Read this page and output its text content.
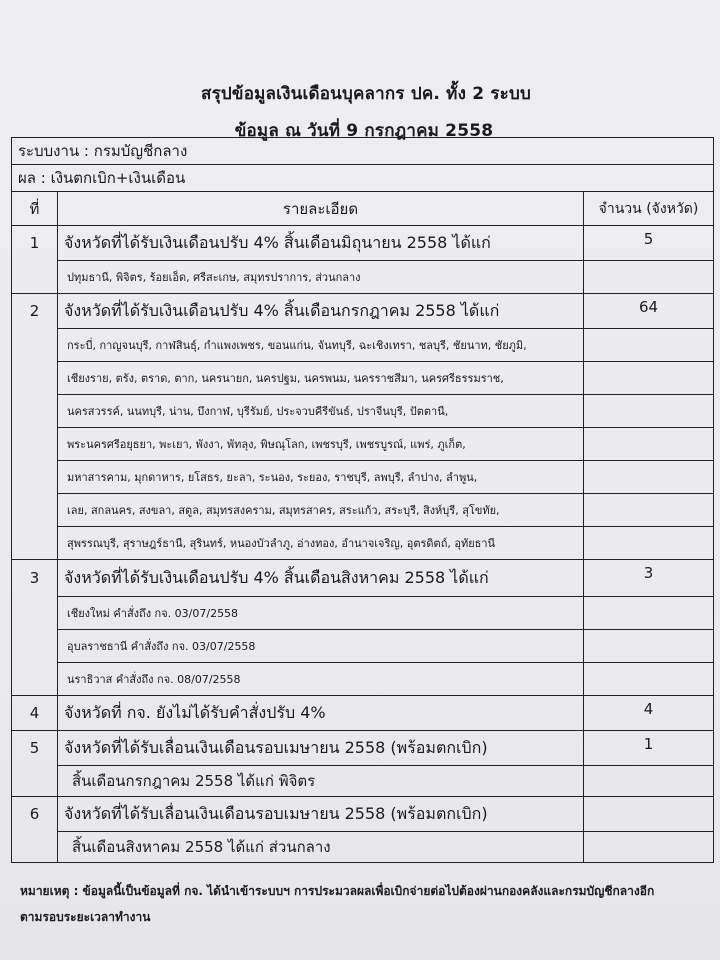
สรุปข้อมูลเงินเดือนบุคลากร ปค. ทั้ง 2 ระบบ
ข้อมูล ณ วันที่ 9 กรกฎาคม 2558
ระบบงาน : กรมบัญชีกลาง		
ผล : เงินตกเบิก+เงินเดือน		
ที่	รายละเอียด	จำนวน (จังหวัด)
1	จังหวัดที่ได้รับเงินเดือนปรับ 4% สิ้นเดือนมิถุนายน 2558 ได้แก่	5
	ปทุมธานี, พิจิตร, ร้อยเอ็ด, ศรีสะเกษ, สมุทรปราการ, ส่วนกลาง	
2	จังหวัดที่ได้รับเงินเดือนปรับ 4% สิ้นเดือนกรกฎาคม 2558 ได้แก่	64
	กระบี่, กาญจนบุรี, กาฬสินธุ์, กำแพงเพชร, ขอนแก่น, จันทบุรี, ฉะเชิงเทรา, ชลบุรี, ชัยนาท, ชัยภูมิ,	
	เชียงราย, ตรัง, ตราด, ตาก, นครนายก, นครปฐม, นครพนม, นครราชสีมา, นครศรีธรรมราช,	
	นครสวรรค์, นนทบุรี, น่าน, บึงกาฬ, บุรีรัมย์, ประจวบคีรีขันธ์, ปราจีนบุรี, ปัตตานี,	
	พระนครศรีอยุธยา, พะเยา, พังงา, พัทลุง, พิษณุโลก, เพชรบุรี, เพชรบูรณ์, แพร่, ภูเก็ต,	
	มหาสารคาม, มุกดาหาร, ยโสธร, ยะลา, ระนอง, ระยอง, ราชบุรี, ลพบุรี, ลำปาง, ลำพูน,	
	เลย, สกลนคร, สงขลา, สตูล, สมุทรสงคราม, สมุทรสาคร, สระแก้ว, สระบุรี, สิงห์บุรี, สุโขทัย,	
	สุพรรณบุรี, สุราษฎร์ธานี, สุรินทร์, หนองบัวลำภู, อ่างทอง, อำนาจเจริญ, อุตรดิตถ์, อุทัยธานี	
3	จังหวัดที่ได้รับเงินเดือนปรับ 4% สิ้นเดือนสิงหาคม 2558 ได้แก่	3
	เชียงใหม่ คำสั่งถึง กจ. 03/07/2558	
	อุบลราชธานี คำสั่งถึง กจ. 03/07/2558	
	นราธิวาส คำสั่งถึง กจ. 08/07/2558	
4	จังหวัดที่ กจ. ยังไม่ได้รับคำสั่งปรับ 4%	4
5	จังหวัดที่ได้รับเลื่อนเงินเดือนรอบเมษายน 2558 (พร้อมตกเบิก)	1
	สิ้นเดือนกรกฎาคม 2558 ได้แก่ พิจิตร	
6	จังหวัดที่ได้รับเลื่อนเงินเดือนรอบเมษายน 2558 (พร้อมตกเบิก)	
	สิ้นเดือนสิงหาคม 2558 ได้แก่ ส่วนกลาง	
หมายเหตุ : ข้อมูลนี้เป็นข้อมูลที่ กจ. ได้นำเข้าระบบฯ การประมวลผลเพื่อเบิกจ่ายต่อไปต้องผ่านกองคลังและกรมบัญชีกลางอีก
ตามรอบระยะเวลาทำงาน
